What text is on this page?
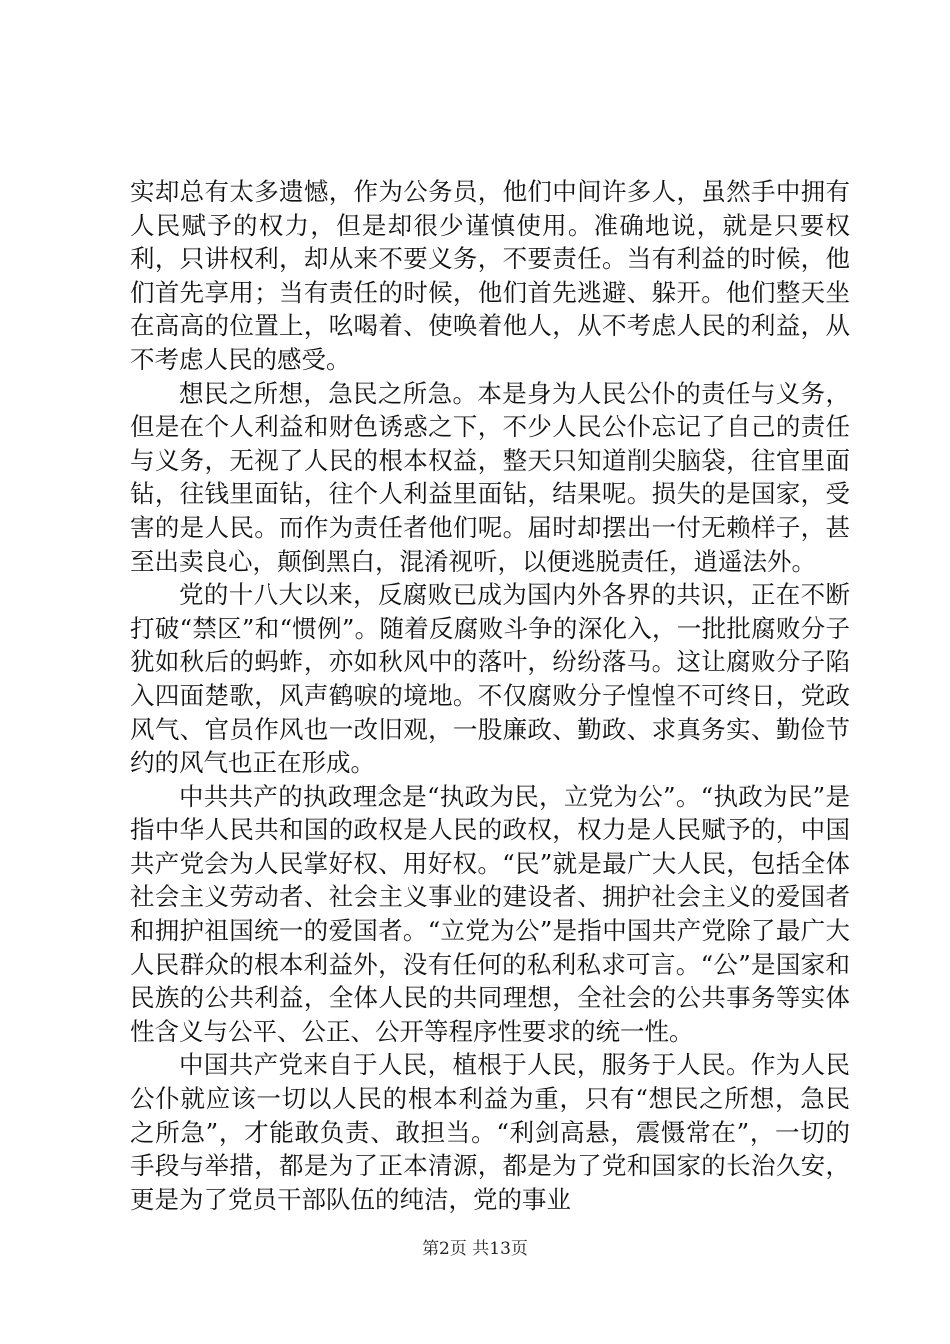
实却总有太多遗憾，作为公务员，他们中间许多人，虽然手中拥有人民赋予的权力，但是却很少谨慎使用。准确地说，就是只要权利，只讲权利，却从来不要义务，不要责任。当有利益的时候，他们首先享用；当有责任的时候，他们首先逃避、躲开。他们整天坐在高高的位置上，吆喝着、使唤着他人，从不考虑人民的利益，从不考虑人民的感受。

想民之所想，急民之所急。本是身为人民公仆的责任与义务，但是在个人利益和财色诱惑之下，不少人民公仆忘记了自己的责任与义务，无视了人民的根本权益，整天只知道削尖脑袋，往官里面钻，往钱里面钻，往个人利益里面钻，结果呢。损失的是国家，受害的是人民。而作为责任者他们呢。届时却摆出一付无赖样子，甚至出卖良心，颠倒黑白，混淆视听，以便逃脱责任，逍遥法外。

党的十八大以来，反腐败已成为国内外各界的共识，正在不断打破“禁区”和“惯例”。随着反腐败斗争的深化入，一批批腐败分子犹如秋后的蚂蚱，亦如秋风中的落叶，纷纷落马。这让腐败分子陷入四面楚歌，风声鹤唳的境地。不仅腐败分子惶惶不可终日，党政风气、官员作风也一改旧观，一股廉政、勤政、求真务实、勤俭节约的风气也正在形成。

中共共产的执政理念是“执政为民，立党为公”。“执政为民”是指中华人民共和国的政权是人民的政权，权力是人民赋予的，中国共产党会为人民掌好权、用好权。“民”就是最广大人民，包括全体社会主义劳动者、社会主义事业的建设者、拥护社会主义的爱国者和拥护祖国统一的爱国者。“立党为公”是指中国共产党除了最广大人民群众的根本利益外，没有任何的私利私求可言。“公”是国家和民族的公共利益，全体人民的共同理想，全社会的公共事务等实体性含义与公平、公正、公开等程序性要求的统一性。

中国共产党来自于人民，植根于人民，服务于人民。作为人民公仆就应该一切以人民的根本利益为重，只有“想民之所想，急民之所急”，才能敢负责、敢担当。“利剑高悬，震慑常在”，一切的手段与举措，都是为了正本清源，都是为了党和国家的长治久安，更是为了党员干部队伍的纯洁，党的事业

第2页 共13页
